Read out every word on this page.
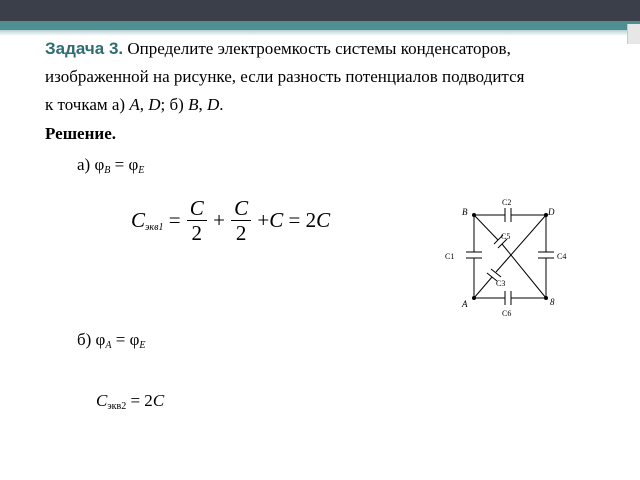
Задача 3. Определите электроемкость системы конденсаторов,
изображенной на рисунке, если разность потенциалов подводится
к точкам а) A, D; б) B, D.
Решение.
а) $\varphi_B = \varphi_E$
$C_{экв1} = \frac{C}{2} + \frac{C}{2} +C = 2C$
б) $\varphi_A = \varphi_E$
$C_{экв2} = 2C$
B	D
A	8
C1
C2
C3
C4
C5
C6
